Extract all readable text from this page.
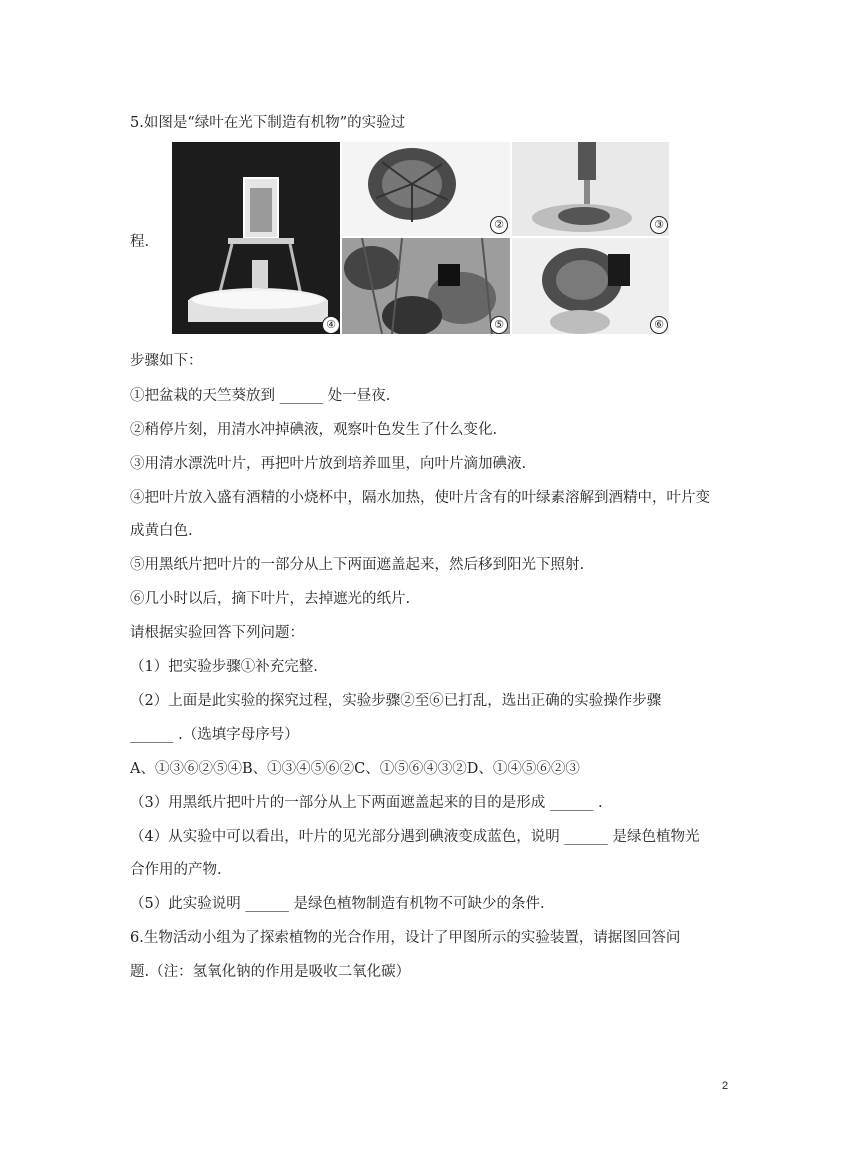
5.如图是“绿叶在光下制造有机物”的实验过
程.
④
②	③
⑤	⑥
步骤如下：
①把盆栽的天竺葵放到 ______ 处一昼夜.
②稍停片刻，用清水冲掉碘液，观察叶色发生了什么变化.
③用清水漂洗叶片，再把叶片放到培养皿里，向叶片滴加碘液.
④把叶片放入盛有酒精的小烧杯中，隔水加热，使叶片含有的叶绿素溶解到酒精中，叶片变
成黄白色.
⑤用黑纸片把叶片的一部分从上下两面遮盖起来，然后移到阳光下照射.
⑥几小时以后，摘下叶片，去掉遮光的纸片.
请根据实验回答下列问题：
（1）把实验步骤①补充完整.
（2）上面是此实验的探究过程，实验步骤②至⑥已打乱，选出正确的实验操作步骤
______ .（选填字母序号）
A、①③⑥②⑤④B、①③④⑤⑥②C、①⑤⑥④③②D、①④⑤⑥②③
（3）用黑纸片把叶片的一部分从上下两面遮盖起来的目的是形成 ______ .
（4）从实验中可以看出，叶片的见光部分遇到碘液变成蓝色，说明 ______ 是绿色植物光
合作用的产物.
（5）此实验说明 ______ 是绿色植物制造有机物不可缺少的条件.
6.生物活动小组为了探索植物的光合作用，设计了甲图所示的实验装置，请据图回答问
题.（注：氢氧化钠的作用是吸收二氧化碳）
2
